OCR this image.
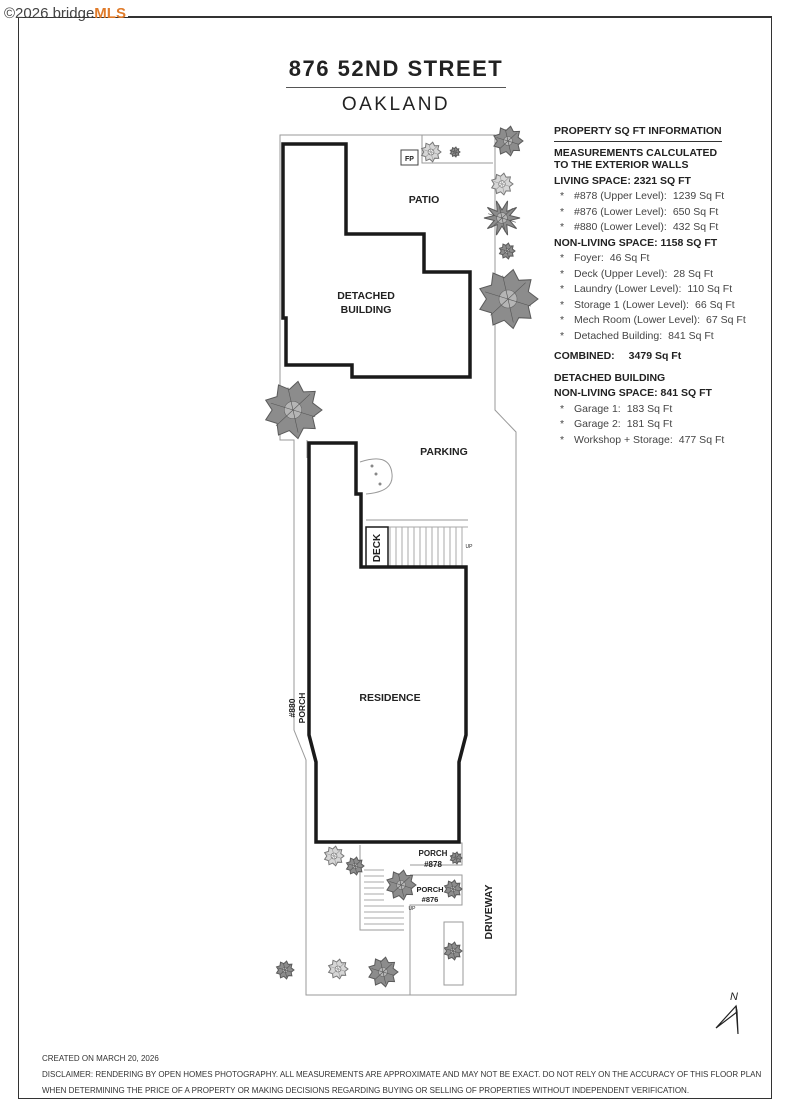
©2026 bridgeMLS
876 52ND STREET
OAKLAND
PROPERTY SQ FT INFORMATION
MEASUREMENTS CALCULATED
TO THE EXTERIOR WALLS
LIVING SPACE: 2321 SQ FT
* #878 (Upper Level): 1239 Sq Ft
* #876 (Lower Level): 650 Sq Ft
* #880 (Lower Level): 432 Sq Ft
NON-LIVING SPACE: 1158 SQ FT
* Foyer: 46 Sq Ft
* Deck (Upper Level): 28 Sq Ft
* Laundry (Lower Level): 110 Sq Ft
* Storage 1 (Lower Level): 66 Sq Ft
* Mech Room (Lower Level): 67 Sq Ft
* Detached Building: 841 Sq Ft
COMBINED: 3479 Sq Ft
DETACHED BUILDING
NON-LIVING SPACE: 841 SQ FT
* Garage 1: 183 Sq Ft
* Garage 2: 181 Sq Ft
* Workshop + Storage: 477 Sq Ft
FP
PATIO
DETACHED
BUILDING
PARKING
RESIDENCE
PORCH
#878
PORCH
#876
UP
UP
DECK
#880 PORCH
DRIVEWAY
N
CREATED ON MARCH 20, 2026
DISCLAIMER: RENDERING BY OPEN HOMES PHOTOGRAPHY. ALL MEASUREMENTS ARE APPROXIMATE AND MAY NOT BE EXACT. DO NOT RELY ON THE ACCURACY OF THIS FLOOR PLAN
WHEN DETERMINING THE PRICE OF A PROPERTY OR MAKING DECISIONS REGARDING BUYING OR SELLING OF PROPERTIES WITHOUT INDEPENDENT VERIFICATION.
